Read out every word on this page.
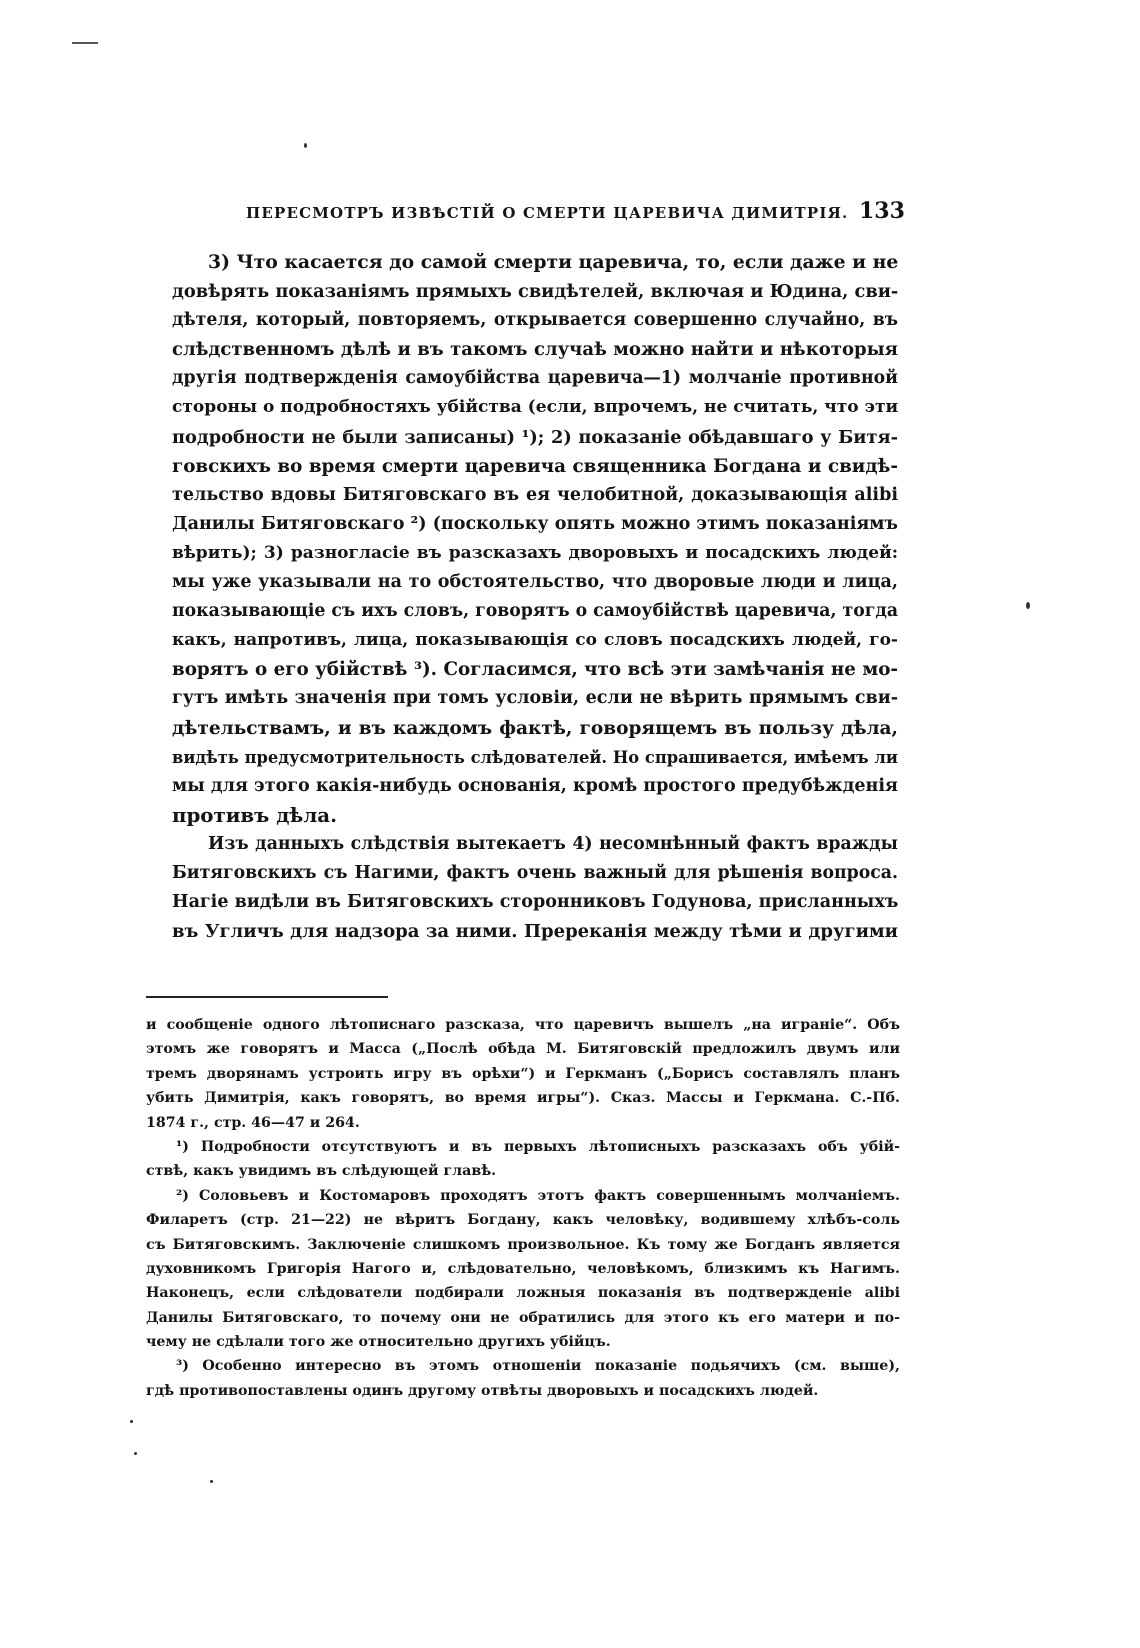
ПЕРЕСМОТРЪ ИЗВѢСТІЙ О СМЕРТИ ЦАРЕВИЧА ДИМИТРІЯ. 133
3) Что касается до самой смерти царевича, то, если даже и не
довѣрять показаніямъ прямыхъ свидѣтелей, включая и Юдина, сви-
дѣтеля, который, повторяемъ, открывается совершенно случайно, въ
слѣдственномъ дѣлѣ и въ такомъ случаѣ можно найти и нѣкоторыя
другія подтвержденія самоубійства царевича—1) молчаніе противной
стороны о подробностяхъ убійства (если, впрочемъ, не считать, что эти
подробности не были записаны) ¹); 2) показаніе обѣдавшаго у Битя-
говскихъ во время смерти царевича священника Богдана и свидѣ-
тельство вдовы Битяговскаго въ ея челобитной, доказывающія alibi
Данилы Битяговскаго ²) (поскольку опять можно этимъ показаніямъ
вѣрить); 3) разногласіе въ разсказахъ дворовыхъ и посадскихъ людей:
мы уже указывали на то обстоятельство, что дворовые люди и лица,
показывающіе съ ихъ словъ, говорятъ о самоубійствѣ царевича, тогда
какъ, напротивъ, лица, показывающія со словъ посадскихъ людей, го-
ворятъ о его убійствѣ ³). Согласимся, что всѣ эти замѣчанія не мо-
гутъ имѣть значенія при томъ условіи, если не вѣрить прямымъ сви-
дѣтельствамъ, и въ каждомъ фактѣ, говорящемъ въ пользу дѣла,
видѣть предусмотрительность слѣдователей. Но спрашивается, имѣемъ ли
мы для этого какія-нибудь основанія, кромѣ простого предубѣжденія
противъ дѣла.
Изъ данныхъ слѣдствія вытекаетъ 4) несомнѣнный фактъ вражды
Битяговскихъ съ Нагими, фактъ очень важный для рѣшенія вопроса.
Нагіе видѣли въ Битяговскихъ сторонниковъ Годунова, присланныхъ
въ Угличъ для надзора за ними. Пререканія между тѣми и другими
и сообщеніе одного лѣтописнаго разсказа, что царевичъ вышелъ „на играніе“. Объ
этомъ же говорятъ и Масса („Послѣ обѣда М. Битяговскій предложилъ двумъ или
тремъ дворянамъ устроить игру въ орѣхи“) и Геркманъ („Борисъ составлялъ планъ
убить Димитрія, какъ говорятъ, во время игры“). Сказ. Массы и Геркмана. С.-Пб.
1874 г., стр. 46—47 и 264.
¹) Подробности отсутствуютъ и въ первыхъ лѣтописныхъ разсказахъ объ убій-
ствѣ, какъ увидимъ въ слѣдующей главѣ.
²) Соловьевъ и Костомаровъ проходятъ этотъ фактъ совершеннымъ молчаніемъ.
Филаретъ (стр. 21—22) не вѣритъ Богдану, какъ человѣку, водившему хлѣбъ-соль
съ Битяговскимъ. Заключеніе слишкомъ произвольное. Къ тому же Богданъ является
духовникомъ Григорія Нагого и, слѣдовательно, человѣкомъ, близкимъ къ Нагимъ.
Наконецъ, если слѣдователи подбирали ложныя показанія въ подтвержденіе alibi
Данилы Битяговскаго, то почему они не обратились для этого къ его матери и по-
чему не сдѣлали того же относительно другихъ убійцъ.
³) Особенно интересно въ этомъ отношеніи показаніе подьячихъ (см. выше),
гдѣ противопоставлены одинъ другому отвѣты дворовыхъ и посадскихъ людей.
